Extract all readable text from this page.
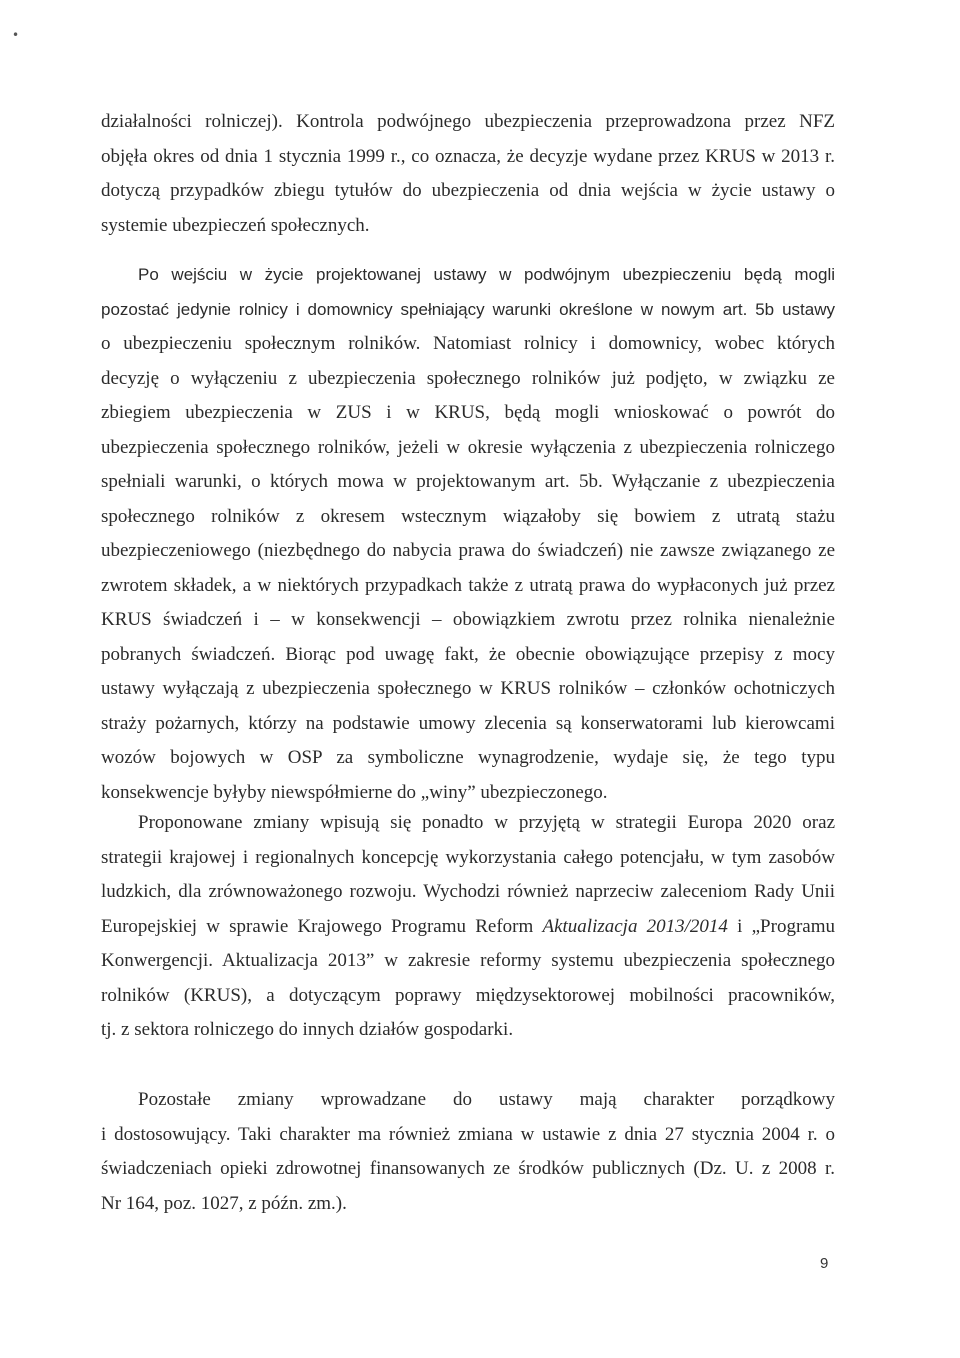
•
działalności rolniczej). Kontrola podwójnego ubezpieczenia przeprowadzona przez NFZ
objęła okres od dnia 1 stycznia 1999 r., co oznacza, że decyzje wydane przez KRUS w 2013 r.
dotyczą przypadków zbiegu tytułów do ubezpieczenia od dnia wejścia w życie ustawy o
systemie ubezpieczeń społecznych.
Po wejściu w życie projektowanej ustawy w podwójnym ubezpieczeniu będą mogli
pozostać jedynie rolnicy i domownicy spełniający warunki określone w nowym art. 5b ustawy
o ubezpieczeniu społecznym rolników. Natomiast rolnicy i domownicy, wobec których
decyzję o wyłączeniu z ubezpieczenia społecznego rolników już podjęto, w związku ze
zbiegiem ubezpieczenia w ZUS i w KRUS, będą mogli wnioskować o powrót do
ubezpieczenia społecznego rolników, jeżeli w okresie wyłączenia z ubezpieczenia rolniczego
spełniali warunki, o których mowa w projektowanym art. 5b. Wyłączanie z ubezpieczenia
społecznego rolników z okresem wstecznym wiązałoby się bowiem z utratą stażu
ubezpieczeniowego (niezbędnego do nabycia prawa do świadczeń) nie zawsze związanego ze
zwrotem składek, a w niektórych przypadkach także z utratą prawa do wypłaconych już przez
KRUS świadczeń i – w konsekwencji – obowiązkiem zwrotu przez rolnika nienależnie
pobranych świadczeń. Biorąc pod uwagę fakt, że obecnie obowiązujące przepisy z mocy
ustawy wyłączają z ubezpieczenia społecznego w KRUS rolników – członków ochotniczych
straży pożarnych, którzy na podstawie umowy zlecenia są konserwatorami lub kierowcami
wozów bojowych w OSP za symboliczne wynagrodzenie, wydaje się, że tego typu
konsekwencje byłyby niewspółmierne do „winy” ubezpieczonego.
Proponowane zmiany wpisują się ponadto w przyjętą w strategii Europa 2020 oraz
strategii krajowej i regionalnych koncepcję wykorzystania całego potencjału, w tym zasobów
ludzkich, dla zrównoważonego rozwoju. Wychodzi również naprzeciw zaleceniom Rady Unii
Europejskiej w sprawie Krajowego Programu Reform Aktualizacja 2013/2014 i „Programu
Konwergencji. Aktualizacja 2013” w zakresie reformy systemu ubezpieczenia społecznego
rolników (KRUS), a dotyczącym poprawy międzysektorowej mobilności pracowników,
tj. z sektora rolniczego do innych działów gospodarki.
Pozostałe zmiany wprowadzane do ustawy mają charakter porządkowy
i dostosowujący. Taki charakter ma również zmiana w ustawie z dnia 27 stycznia 2004 r. o
świadczeniach opieki zdrowotnej finansowanych ze środków publicznych (Dz. U. z 2008 r.
Nr 164, poz. 1027, z późn. zm.).
9
